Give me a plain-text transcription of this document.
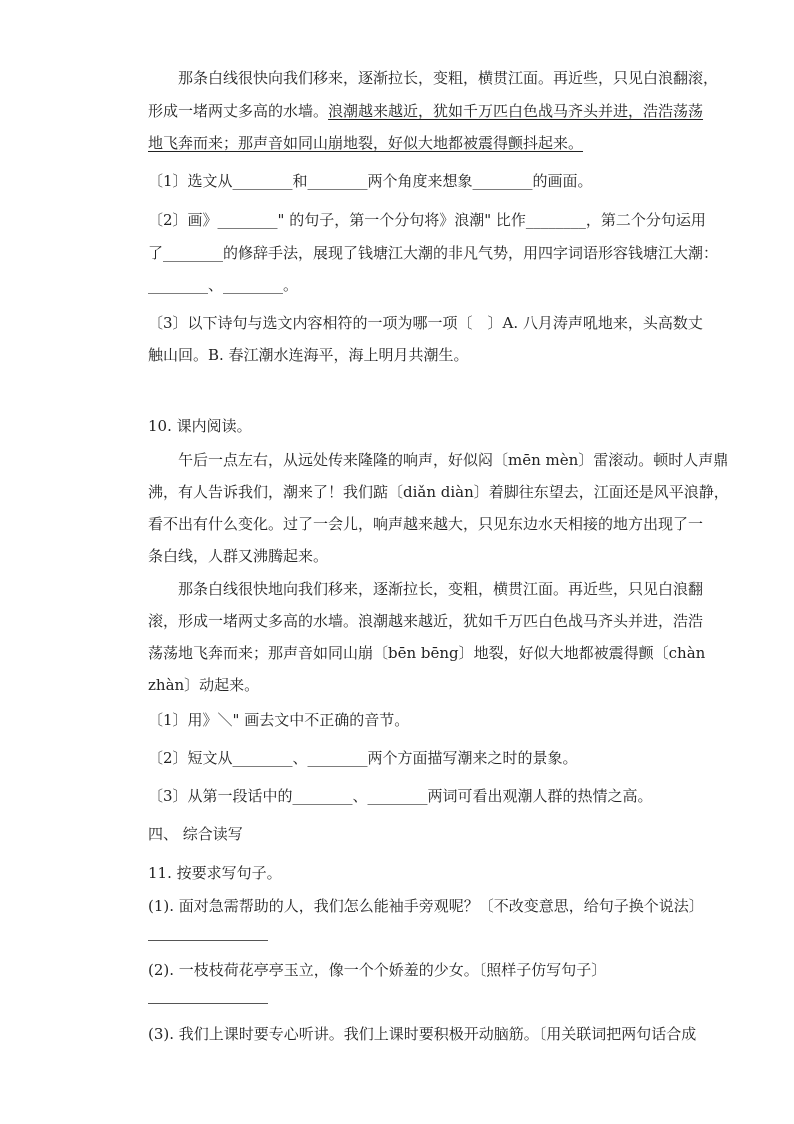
　　那条白线很快向我们移来，逐渐拉长，变粗，横贯江面。再近些，只见白浪翻滚，
形成一堵两丈多高的水墙。浪潮越来越近，犹如千万匹白色战马齐头并进，浩浩荡荡
地飞奔而来；那声音如同山崩地裂，好似大地都被震得颤抖起来。
〔1〕选文从________和________两个角度来想象________的画面。
〔2〕画》________" 的句子，第一个分句将》浪潮" 比作________，第二个分句运用
了________的修辞手法，展现了钱塘江大潮的非凡气势，用四字词语形容钱塘江大潮：
________、________。
〔3〕以下诗句与选文内容相符的一项为哪一项〔　〕A. 八月涛声吼地来，头高数丈
触山回。B. 春江潮水连海平，海上明月共潮生。
10. 课内阅读。
　　午后一点左右，从远处传来隆隆的响声，好似闷〔mēn mèn〕雷滚动。顿时人声鼎
沸，有人告诉我们，潮来了！我们踮〔diǎn diàn〕着脚往东望去，江面还是风平浪静，
看不出有什么变化。过了一会儿，响声越来越大，只见东边水天相接的地方出现了一
条白线，人群又沸腾起来。
　　那条白线很快地向我们移来，逐渐拉长，变粗，横贯江面。再近些，只见白浪翻
滚，形成一堵两丈多高的水墙。浪潮越来越近，犹如千万匹白色战马齐头并进，浩浩
荡荡地飞奔而来；那声音如同山崩〔bēn bēng〕地裂，好似大地都被震得颤〔chàn
zhàn〕动起来。
〔1〕用》＼" 画去文中不正确的音节。
〔2〕短文从________、________两个方面描写潮来之时的景象。
〔3〕从第一段话中的________、________两词可看出观潮人群的热情之高。
四、 综合读写
11. 按要求写句子。
(1). 面对急需帮助的人，我们怎么能袖手旁观呢？〔不改变意思，给句子换个说法〕
(2). 一枝枝荷花亭亭玉立，像一个个娇羞的少女。〔照样子仿写句子〕
(3). 我们上课时要专心听讲。我们上课时要积极开动脑筋。〔用关联词把两句话合成
